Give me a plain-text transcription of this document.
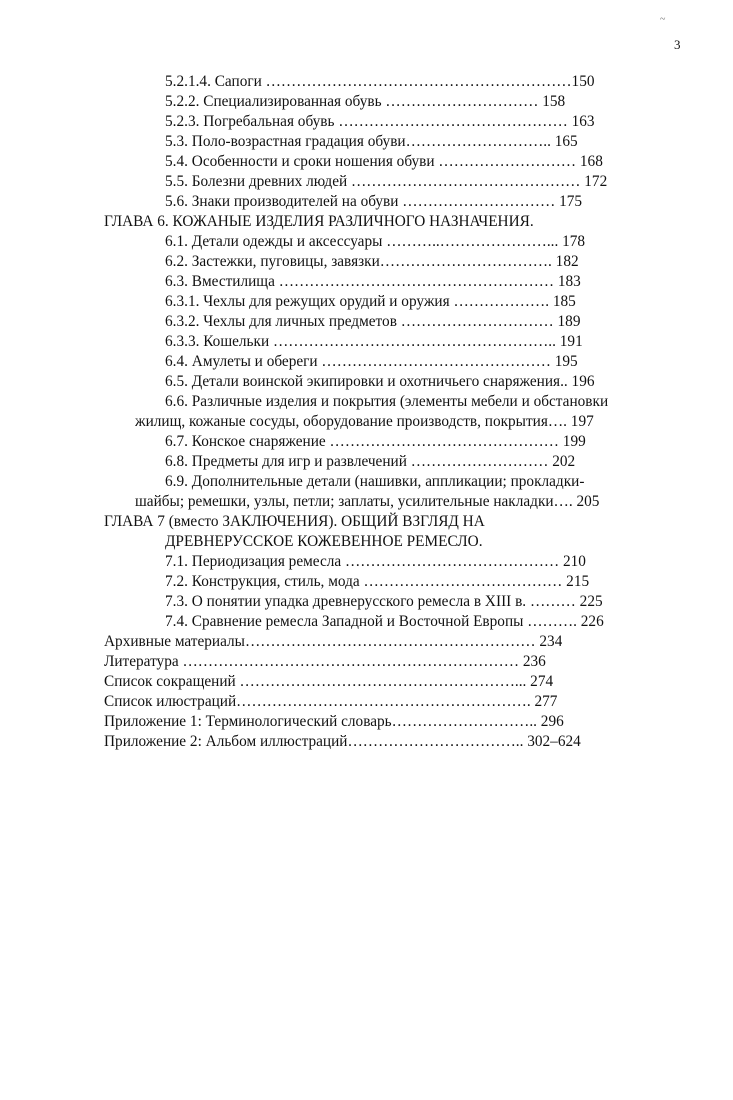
~
3
5.2.1.4. Сапоги ……………………………………………………150
5.2.2. Специализированная обувь ………………………… 158
5.2.3. Погребальная обувь ……………………………………… 163
5.3. Поло-возрастная градация обуви……………………….. 165
5.4. Особенности и сроки ношения обуви ……………………… 168
5.5. Болезни древних людей ……………………………………… 172
5.6. Знаки производителей на обуви ………………………… 175
ГЛАВА 6. КОЖАНЫЕ ИЗДЕЛИЯ РАЗЛИЧНОГО НАЗНАЧЕНИЯ.
6.1. Детали одежды и аксессуары ………..…………………... 178
6.2. Застежки, пуговицы, завязки……………………………. 182
6.3. Вместилища ……………………………………………… 183
6.3.1. Чехлы для режущих орудий и оружия ………………. 185
6.3.2. Чехлы для личных предметов ………………………… 189
6.3.3. Кошельки ……………………………………………….. 191
6.4. Амулеты и обереги ……………………………………… 195
6.5. Детали воинской экипировки и охотничьего снаряжения.. 196
6.6. Различные изделия и покрытия (элементы мебели и обстановки
жилищ, кожаные сосуды, оборудование производств, покрытия…. 197
6.7. Конское снаряжение ……………………………………… 199
6.8. Предметы для игр и развлечений ……………………… 202
6.9. Дополнительные детали (нашивки, аппликации; прокладки-
шайбы; ремешки, узлы, петли; заплаты, усилительные накладки…. 205
ГЛАВА 7 (вместо ЗАКЛЮЧЕНИЯ). ОБЩИЙ ВЗГЛЯД НА
ДРЕВНЕРУССКОЕ КОЖЕВЕННОЕ РЕМЕСЛО.
7.1. Периодизация ремесла …………………………………… 210
7.2. Конструкция, стиль, мода ………………………………… 215
7.3. О понятии упадка древнерусского ремесла в XIII в. ……… 225
7.4. Сравнение ремесла Западной и Восточной Европы ………. 226
Архивные материалы………………………………………………… 234
Литература ………………………………………………………… 236
Список сокращений ………………………………………………... 274
Список илюстраций…………………………………………………. 277
Приложение 1: Терминологический словарь……………………….. 296
Приложение 2: Альбом иллюстраций…………………………….. 302–624
